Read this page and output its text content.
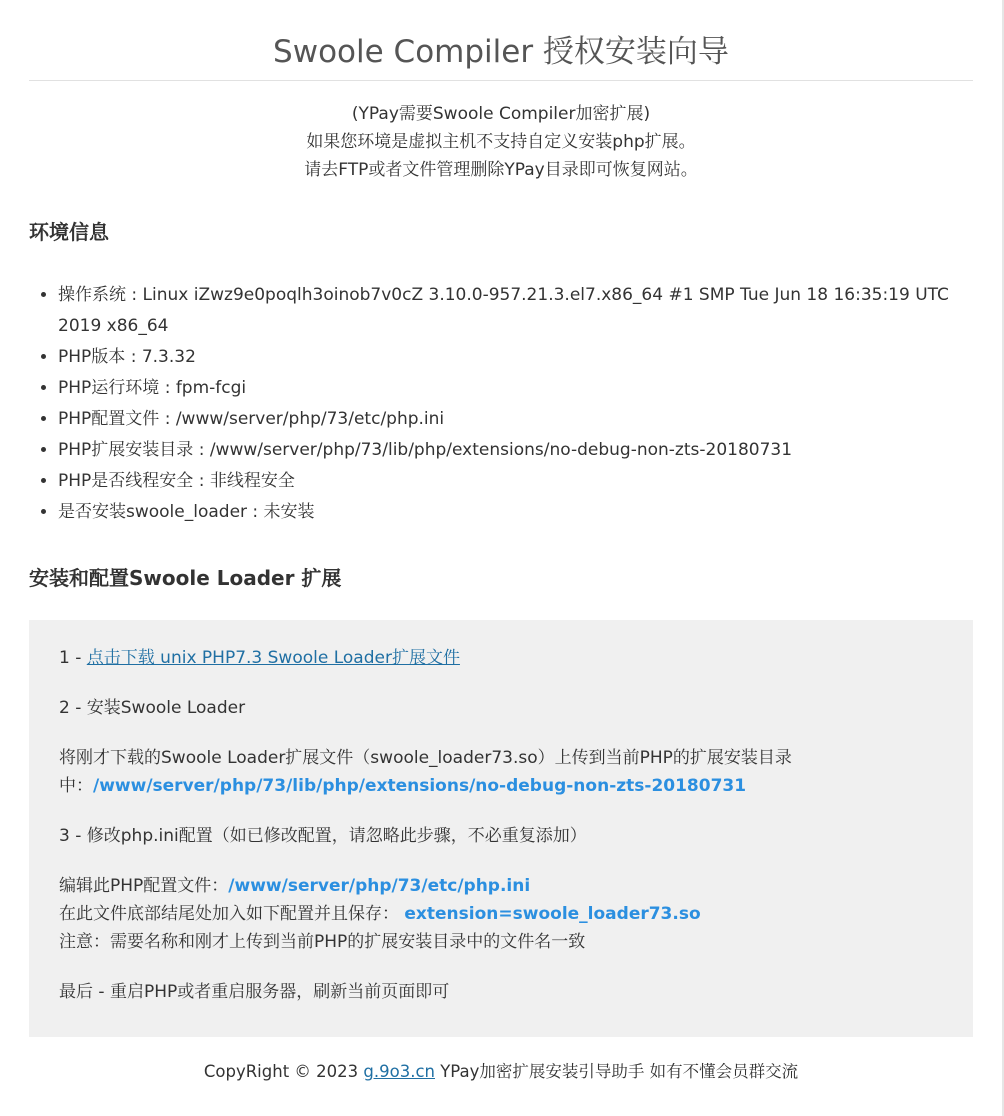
Swoole Compiler 授权安装向导
(YPay需要Swoole Compiler加密扩展)
如果您环境是虚拟主机不支持自定义安装php扩展。
请去FTP或者文件管理删除YPay目录即可恢复网站。
环境信息
• 操作系统 : Linux iZwz9e0poqlh3oinob7v0cZ 3.10.0-957.21.3.el7.x86_64 #1 SMP Tue Jun 18 16:35:19 UTC 2019 x86_64
• PHP版本 : 7.3.32
• PHP运行环境 : fpm-fcgi
• PHP配置文件 : /www/server/php/73/etc/php.ini
• PHP扩展安装目录 : /www/server/php/73/lib/php/extensions/no-debug-non-zts-20180731
• PHP是否线程安全 : 非线程安全
• 是否安装swoole_loader : 未安装
安装和配置Swoole Loader 扩展

1 - 点击下载 unix PHP7.3 Swoole Loader扩展文件

2 - 安装Swoole Loader

将刚才下载的Swoole Loader扩展文件（swoole_loader73.so）上传到当前PHP的扩展安装目录
中：/www/server/php/73/lib/php/extensions/no-debug-non-zts-20180731

3 - 修改php.ini配置（如已修改配置，请忽略此步骤，不必重复添加）

编辑此PHP配置文件：/www/server/php/73/etc/php.ini
在此文件底部结尾处加入如下配置并且保存： extension=swoole_loader73.so
注意：需要名称和刚才上传到当前PHP的扩展安装目录中的文件名一致

最后 - 重启PHP或者重启服务器，刷新当前页面即可

CopyRight © 2023 g.9o3.cn YPay加密扩展安装引导助手 如有不懂会员群交流
